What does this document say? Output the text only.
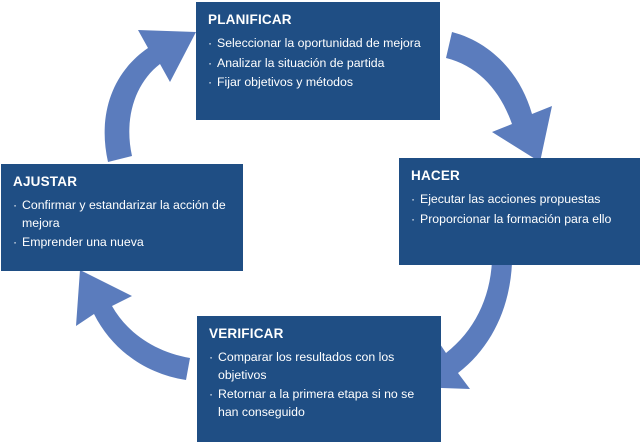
PLANIFICAR
· Seleccionar la oportunidad de mejora
· Analizar la situación de partida
· Fijar objetivos y métodos
HACER
· Ejecutar las acciones propuestas
· Proporcionar la formación para ello
VERIFICAR
· Comparar los resultados con los objetivos
· Retornar a la primera etapa si no se han conseguido
AJUSTAR
· Confirmar y estandarizar la acción de mejora
· Emprender una nueva
